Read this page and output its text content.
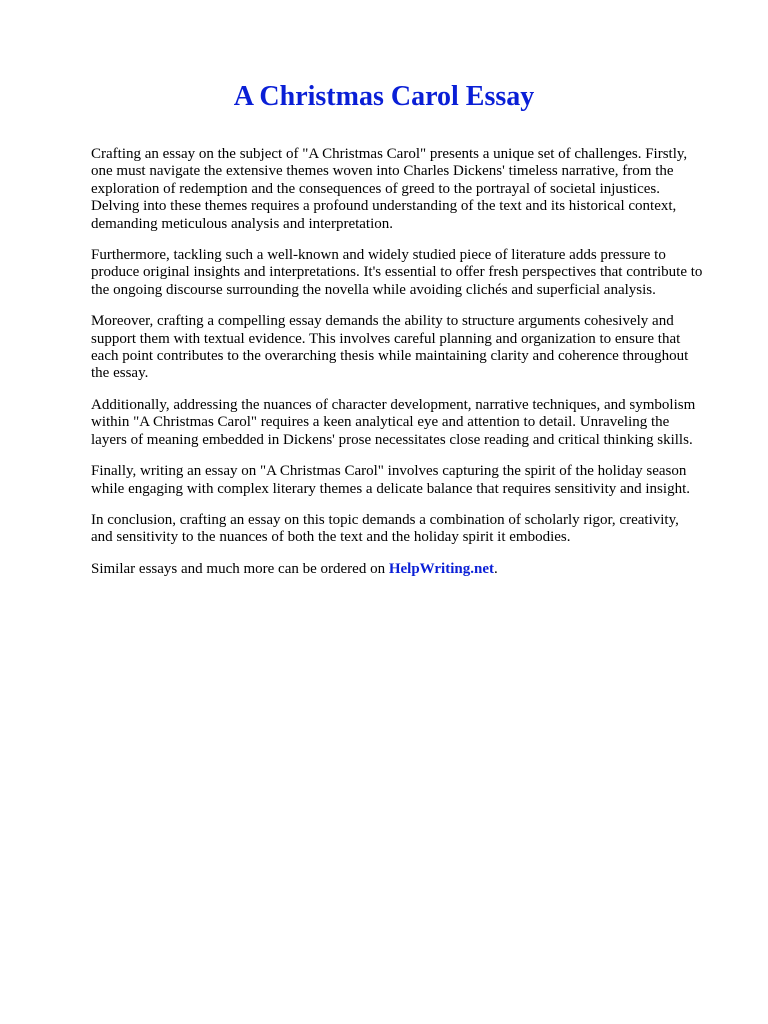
A Christmas Carol Essay
Crafting an essay on the subject of "A Christmas Carol" presents a unique set of challenges. Firstly,
one must navigate the extensive themes woven into Charles Dickens' timeless narrative, from the
exploration of redemption and the consequences of greed to the portrayal of societal injustices.
Delving into these themes requires a profound understanding of the text and its historical context,
demanding meticulous analysis and interpretation.
Furthermore, tackling such a well-known and widely studied piece of literature adds pressure to
produce original insights and interpretations. It's essential to offer fresh perspectives that contribute to
the ongoing discourse surrounding the novella while avoiding clichés and superficial analysis.
Moreover, crafting a compelling essay demands the ability to structure arguments cohesively and
support them with textual evidence. This involves careful planning and organization to ensure that
each point contributes to the overarching thesis while maintaining clarity and coherence throughout
the essay.
Additionally, addressing the nuances of character development, narrative techniques, and symbolism
within "A Christmas Carol" requires a keen analytical eye and attention to detail. Unraveling the
layers of meaning embedded in Dickens' prose necessitates close reading and critical thinking skills.
Finally, writing an essay on "A Christmas Carol" involves capturing the spirit of the holiday season
while engaging with complex literary themes a delicate balance that requires sensitivity and insight.
In conclusion, crafting an essay on this topic demands a combination of scholarly rigor, creativity,
and sensitivity to the nuances of both the text and the holiday spirit it embodies.
Similar essays and much more can be ordered on HelpWriting.net.
